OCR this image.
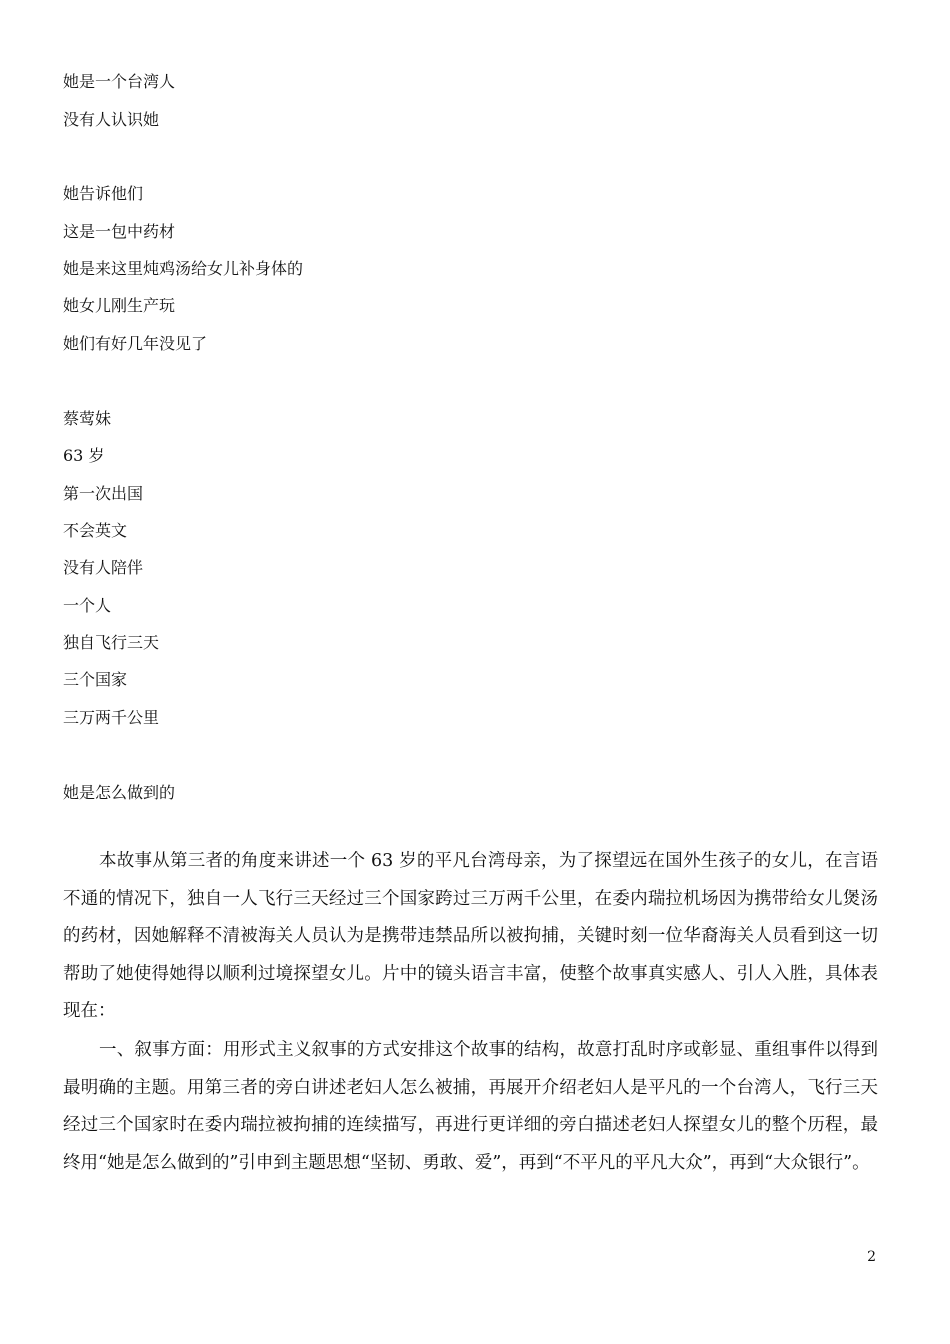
她是一个台湾人
没有人认识她
她告诉他们
这是一包中药材
她是来这里炖鸡汤给女儿补身体的
她女儿刚生产玩
她们有好几年没见了
蔡莺妹
63 岁
第一次出国
不会英文
没有人陪伴
一个人
独自飞行三天
三个国家
三万两千公里
她是怎么做到的

本故事从第三者的角度来讲述一个 63 岁的平凡台湾母亲，为了探望远在国外生孩子的女儿，在言语不通的情况下，独自一人飞行三天经过三个国家跨过三万两千公里，在委内瑞拉机场因为携带给女儿煲汤的药材，因她解释不清被海关人员认为是携带违禁品所以被拘捕，关键时刻一位华裔海关人员看到这一切帮助了她使得她得以顺利过境探望女儿。片中的镜头语言丰富，使整个故事真实感人、引人入胜，具体表现在：

一、叙事方面：用形式主义叙事的方式安排这个故事的结构，故意打乱时序或彰显、重组事件以得到最明确的主题。用第三者的旁白讲述老妇人怎么被捕，再展开介绍老妇人是平凡的一个台湾人，飞行三天经过三个国家时在委内瑞拉被拘捕的连续描写，再进行更详细的旁白描述老妇人探望女儿的整个历程，最终用“她是怎么做到的”引申到主题思想“坚韧、勇敢、爱”，再到“不平凡的平凡大众”，再到“大众银行”。

2
